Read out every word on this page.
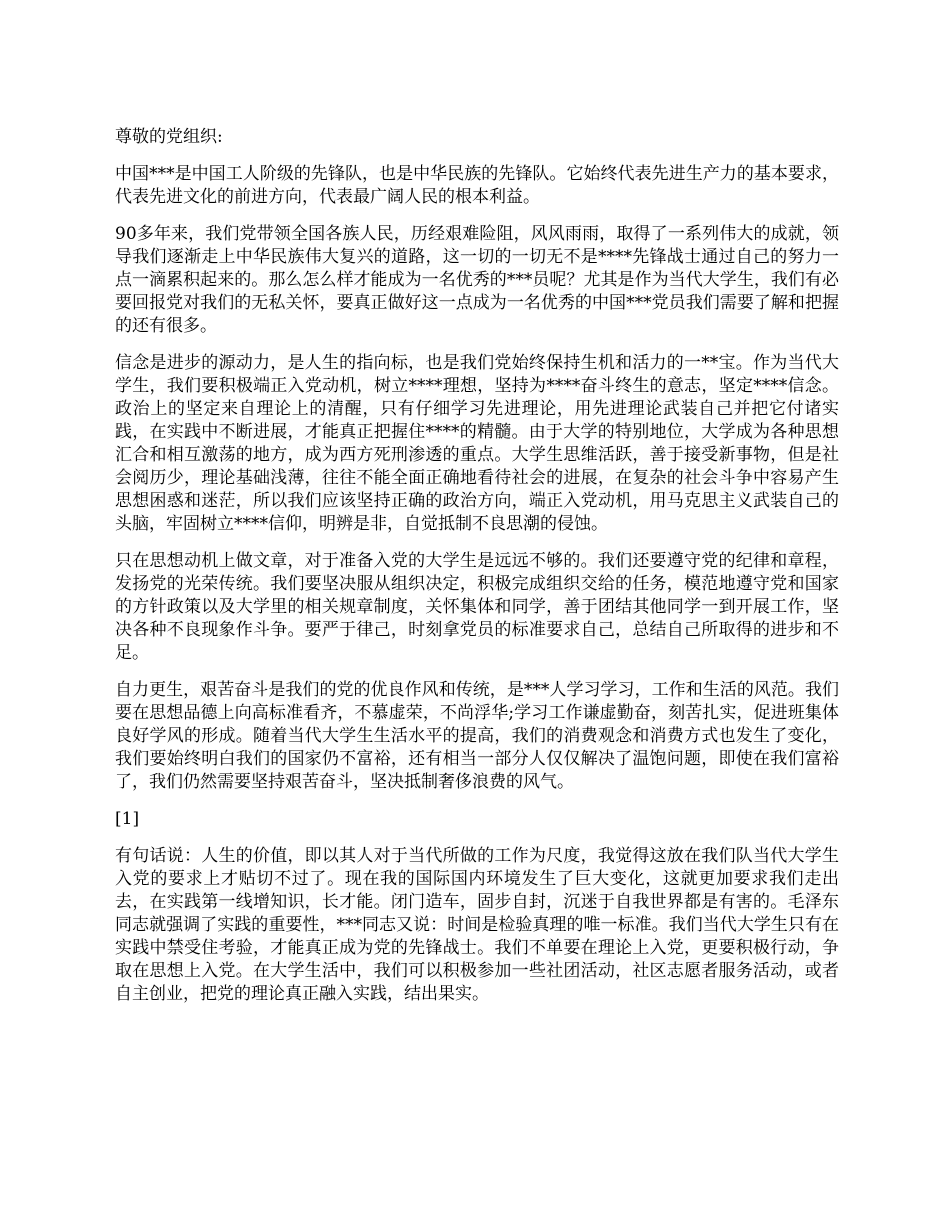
尊敬的党组织:

中国***是中国工人阶级的先锋队，也是中华民族的先锋队。它始终代表先进生产力的基本要求，代表先进文化的前进方向，代表最广阔人民的根本利益。

90多年来，我们党带领全国各族人民，历经艰难险阻，风风雨雨，取得了一系列伟大的成就，领导我们逐渐走上中华民族伟大复兴的道路，这一切的一切无不是****先锋战士通过自己的努力一点一滴累积起来的。那么怎么样才能成为一名优秀的***员呢？尤其是作为当代大学生，我们有必要回报党对我们的无私关怀，要真正做好这一点成为一名优秀的中国***党员我们需要了解和把握的还有很多。

信念是进步的源动力，是人生的指向标，也是我们党始终保持生机和活力的一**宝。作为当代大学生，我们要积极端正入党动机，树立****理想，坚持为****奋斗终生的意志，坚定****信念。政治上的坚定来自理论上的清醒，只有仔细学习先进理论，用先进理论武装自己并把它付诸实践，在实践中不断进展，才能真正把握住****的精髓。由于大学的特别地位，大学成为各种思想汇合和相互激荡的地方，成为西方死刑渗透的重点。大学生思维活跃，善于接受新事物，但是社会阅历少，理论基础浅薄，往往不能全面正确地看待社会的进展，在复杂的社会斗争中容易产生思想困惑和迷茫，所以我们应该坚持正确的政治方向，端正入党动机，用马克思主义武装自己的头脑，牢固树立****信仰，明辨是非，自觉抵制不良思潮的侵蚀。

只在思想动机上做文章，对于准备入党的大学生是远远不够的。我们还要遵守党的纪律和章程，发扬党的光荣传统。我们要坚决服从组织决定，积极完成组织交给的任务，模范地遵守党和国家的方针政策以及大学里的相关规章制度，关怀集体和同学，善于团结其他同学一到开展工作，坚决各种不良现象作斗争。要严于律己，时刻拿党员的标准要求自己，总结自己所取得的进步和不足。

自力更生，艰苦奋斗是我们的党的优良作风和传统，是***人学习学习，工作和生活的风范。我们要在思想品德上向高标准看齐，不慕虚荣，不尚浮华;学习工作谦虚勤奋，刻苦扎实，促进班集体良好学风的形成。随着当代大学生生活水平的提高，我们的消费观念和消费方式也发生了变化，我们要始终明白我们的国家仍不富裕，还有相当一部分人仅仅解决了温饱问题，即使在我们富裕了，我们仍然需要坚持艰苦奋斗，坚决抵制奢侈浪费的风气。

[1]

有句话说：人生的价值，即以其人对于当代所做的工作为尺度，我觉得这放在我们队当代大学生入党的要求上才贴切不过了。现在我的国际国内环境发生了巨大变化，这就更加要求我们走出去，在实践第一线增知识，长才能。闭门造车，固步自封，沉迷于自我世界都是有害的。毛泽东同志就强调了实践的重要性，***同志又说：时间是检验真理的唯一标准。我们当代大学生只有在实践中禁受住考验，才能真正成为党的先锋战士。我们不单要在理论上入党，更要积极行动，争取在思想上入党。在大学生活中，我们可以积极参加一些社团活动，社区志愿者服务活动，或者自主创业，把党的理论真正融入实践，结出果实。
